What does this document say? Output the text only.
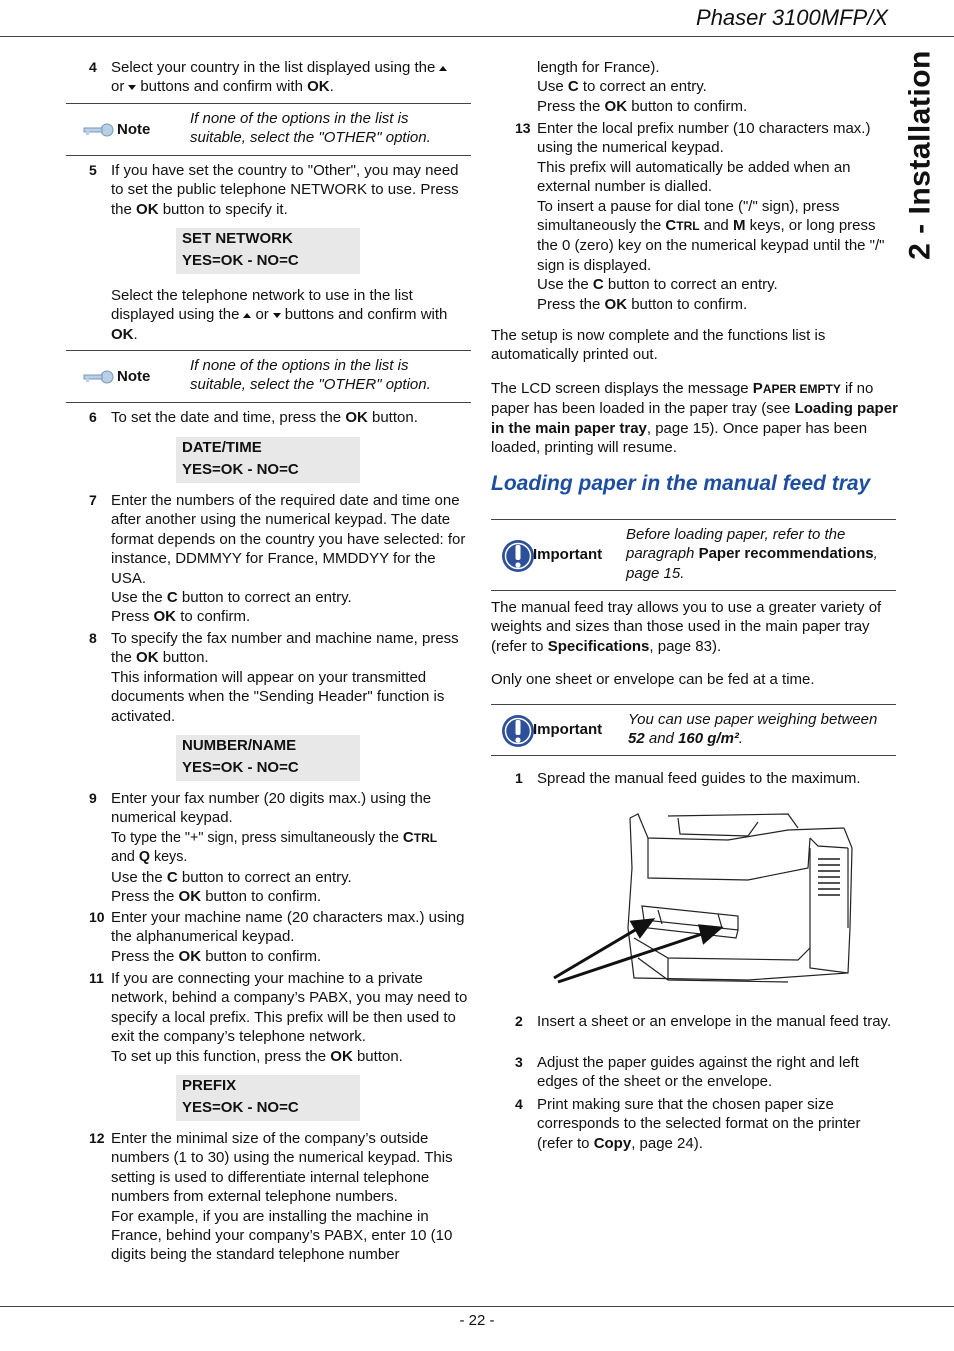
Phaser 3100MFP/X
2 - Installation
4 Select your country in the list displayed using the
or buttons and confirm with OK.
Note
If none of the options in the list is suitable, select the "OTHER" option.
5 If you have set the country to "Other", you may need to set the public telephone NETWORK to use. Press the OK button to specify it.
SET NETWORK
YES=OK - NO=C
Select the telephone network to use in the list displayed using the or buttons and confirm with OK.
Note
If none of the options in the list is suitable, select the "OTHER" option.
6 To set the date and time, press the OK button.
DATE/TIME
YES=OK - NO=C
7 Enter the numbers of the required date and time one after another using the numerical keypad. The date format depends on the country you have selected: for instance, DDMMYY for France, MMDDYY for the USA.

Use the C button to correct an entry.

Press OK to confirm.

8 To specify the fax number and machine name, press the OK button.

This information will appear on your transmitted documents when the "Sending Header" function is activated.

NUMBER/NAME
YES=OK - NO=C
9 Enter your fax number (20 digits max.) using the numerical keypad.

To type the "+" sign, press simultaneously the CTRL
and Q keys.

Use the C button to correct an entry.

Press the OK button to confirm.

10 Enter your machine name (20 characters max.) using the alphanumerical keypad.

Press the OK button to confirm.

11 If you are connecting your machine to a private network, behind a company’s PABX, you may need to specify a local prefix. This prefix will be then used to exit the company’s telephone network.

To set up this function, press the OK button.

PREFIX
YES=OK - NO=C
12 Enter the minimal size of the company’s outside numbers (1 to 30) using the numerical keypad. This setting is used to differentiate internal telephone numbers from external telephone numbers.

For example, if you are installing the machine in France, behind your company’s PABX, enter 10 (10 digits being the standard telephone number

length for France).

Use C to correct an entry.

Press the OK button to confirm.

13 Enter the local prefix number (10 characters max.) using the numerical keypad.

This prefix will automatically be added when an external number is dialled.

To insert a pause for dial tone ("/" sign), press simultaneously the CTRL and M keys, or long press the 0 (zero) key on the numerical keypad until the "/" sign is displayed.

Use the C button to correct an entry.

Press the OK button to confirm.

The setup is now complete and the functions list is automatically printed out.
The LCD screen displays the message PAPER EMPTY if no paper has been loaded in the paper tray (see Loading paper in the main paper tray, page 15). Once paper has been loaded, printing will resume.
Loading paper in the manual feed tray
Important
Before loading paper, refer to the paragraph Paper recommendations, page 15.
The manual feed tray allows you to use a greater variety of weights and sizes than those used in the main paper tray (refer to Specifications, page 83).
Only one sheet or envelope can be fed at a time.
Important
You can use paper weighing between 52 and 160 g/m².
1 Spread the manual feed guides to the maximum.
2 Insert a sheet or an envelope in the manual feed tray.
3 Adjust the paper guides against the right and left edges of the sheet or the envelope.
4 Print making sure that the chosen paper size corresponds to the selected format on the printer (refer to Copy, page 24).
- 22 -
